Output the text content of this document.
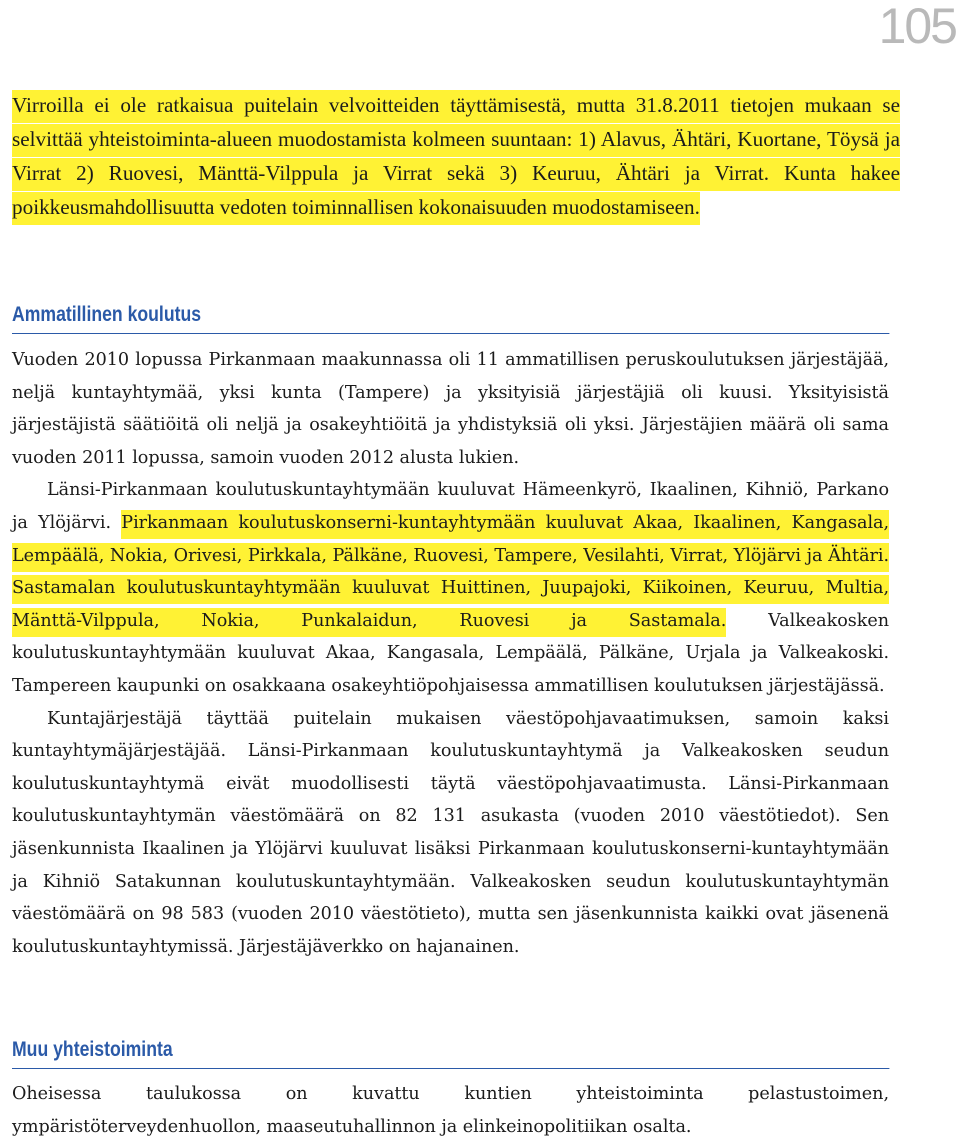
105

Virroilla ei ole ratkaisua puitelain velvoitteiden täyttämisestä, mutta 31.8.2011 tietojen mukaan se selvittää yhteistoiminta-alueen muodostamista kolmeen suuntaan: 1) Alavus, Ähtäri, Kuortane, Töysä ja Virrat 2) Ruovesi, Mänttä-Vilppula ja Virrat sekä 3) Keuruu, Ähtäri ja Virrat. Kunta hakee poikkeusmahdollisuutta vedoten toiminnallisen kokonaisuuden muodostamiseen.

Ammatillinen koulutus

Vuoden 2010 lopussa Pirkanmaan maakunnassa oli 11 ammatillisen peruskoulutuksen järjestäjää, neljä kuntayhtymää, yksi kunta (Tampere) ja yksityisiä järjestäjiä oli kuusi. Yksityisistä järjestäjistä säätiöitä oli neljä ja osakeyhtiöitä ja yhdistyksiä oli yksi. Järjestäjien määrä oli sama vuoden 2011 lopussa, samoin vuoden 2012 alusta lukien.

Länsi-Pirkanmaan koulutuskuntayhtymään kuuluvat Hämeenkyrö, Ikaalinen, Kihniö, Parkano ja Ylöjärvi. Pirkanmaan koulutuskonserni-kuntayhtymään kuuluvat Akaa, Ikaalinen, Kangasala, Lempäälä, Nokia, Orivesi, Pirkkala, Pälkäne, Ruovesi, Tampere, Vesilahti, Virrat, Ylöjärvi ja Ähtäri. Sastamalan koulutuskuntayhtymään kuuluvat Huittinen, Juupajoki, Kiikoinen, Keuruu, Multia, Mänttä-Vilppula, Nokia, Punkalaidun, Ruovesi ja Sastamala. Valkeakosken koulutuskuntayhtymään kuuluvat Akaa, Kangasala, Lempäälä, Pälkäne, Urjala ja Valkeakoski. Tampereen kaupunki on osakkaana osakeyhtiöpohjaisessa ammatillisen koulutuksen järjestäjässä.

Kuntajärjestäjä täyttää puitelain mukaisen väestöpohjavaatimuksen, samoin kaksi kuntayhtymäjärjestäjää. Länsi-Pirkanmaan koulutuskuntayhtymä ja Valkeakosken seudun koulutuskuntayhtymä eivät muodollisesti täytä väestöpohjavaatimusta. Länsi-Pirkanmaan koulutuskuntayhtymän väestömäärä on 82 131 asukasta (vuoden 2010 väestötiedot). Sen jäsenkunnista Ikaalinen ja Ylöjärvi kuuluvat lisäksi Pirkanmaan koulutuskonserni-kuntayhtymään ja Kihniö Satakunnan koulutuskuntayhtymään. Valkeakosken seudun koulutuskuntayhtymän väestömäärä on 98 583 (vuoden 2010 väestötieto), mutta sen jäsenkunnista kaikki ovat jäsenenä koulutuskuntayhtymissä. Järjestäjäverkko on hajanainen.

Muu yhteistoiminta

Oheisessa taulukossa on kuvattu kuntien yhteistoiminta pelastustoimen, ympäristöterveydenhuollon, maaseutuhallinnon ja elinkeinopolitiikan osalta.
